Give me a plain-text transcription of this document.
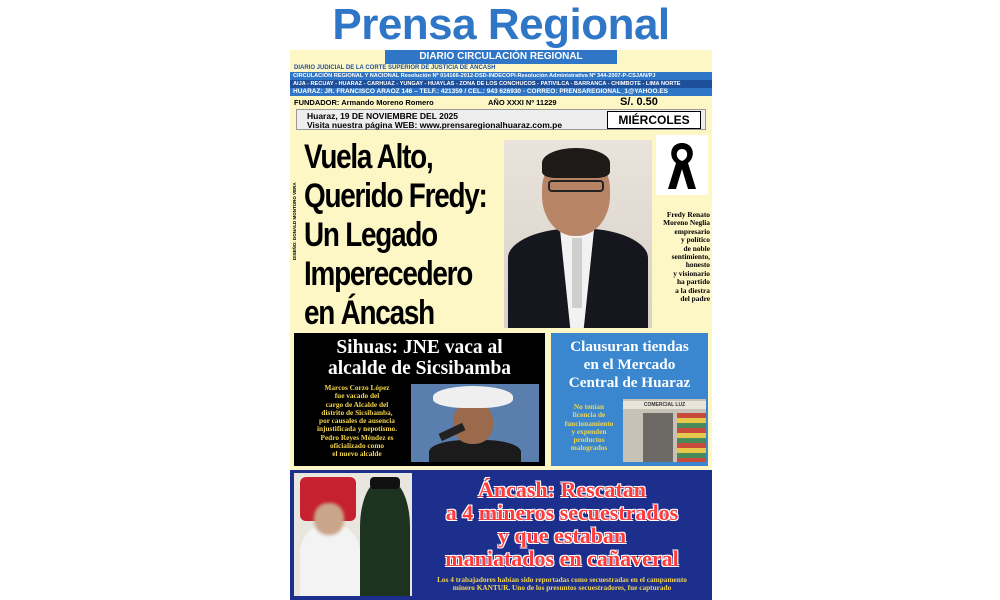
Prensa Regional
DIARIO CIRCULACIÓN REGIONAL
DIARIO JUDICIAL DE LA CORTE SUPERIOR DE JUSTICIA DE ÁNCASH
CIRCULACIÓN REGIONAL Y NACIONAL Resolución Nº 014166-2012-DSD-INDECOPI-Resolución Administrativa Nº 344-2007-P-CSJAN/PJ
AIJA - RECUAY - HUARAZ - CARHUAZ - YUNGAY - HUAYLAS - ZONA DE LOS CONCHUCOS - PATIVILCA - BARRANCA - CHIMBOTE - LIMA NORTE
HUARAZ: JR. FRANCISCO ARAOZ 146 – TELF.: 421359 / CEL.: 943 626930 - CORREO: PRENSAREGIONAL_1@YAHOO.ES
FUNDADOR: Armando Moreno Romero	AÑO XXXI Nº 11229	S/. 0.50
Huaraz, 19 DE NOVIEMBRE DEL 2025
Visita nuestra página WEB: www.prensaregionalhuaraz.com.pe	MIÉRCOLES
DISEÑO: DONALD MONTORO VERA
Vuela Alto,
Querido Fredy:
Un Legado
Imperecedero
en Áncash
Fredy Renato
Moreno Neglia
empresario
y político
de noble
sentimiento,
honesto
y visionario
ha partido
a la diestra
del padre
Sihuas: JNE vaca al
alcalde de Sicsibamba
Marcos Corzo López
fue vacado del
cargo de Alcalde del
distrito de Sicsibamba,
por causales de ausencia
injustificada y nepotismo.
Pedro Reyes Méndez es
oficializado como
el nuevo alcalde
Clausuran tiendas
en el Mercado
Central de Huaraz
No tenían
licencia de
funcionamiento
y expenden
productos
malogrados
COMERCIAL LUZ
Áncash: Rescatan
a 4 mineros secuestrados
y que estaban
maniatados en cañaveral
Los 4 trabajadores habían sido reportadas como secuestradas en el campamento
minero KANTUR. Uno de los presuntos secuestradores, fue capturado
